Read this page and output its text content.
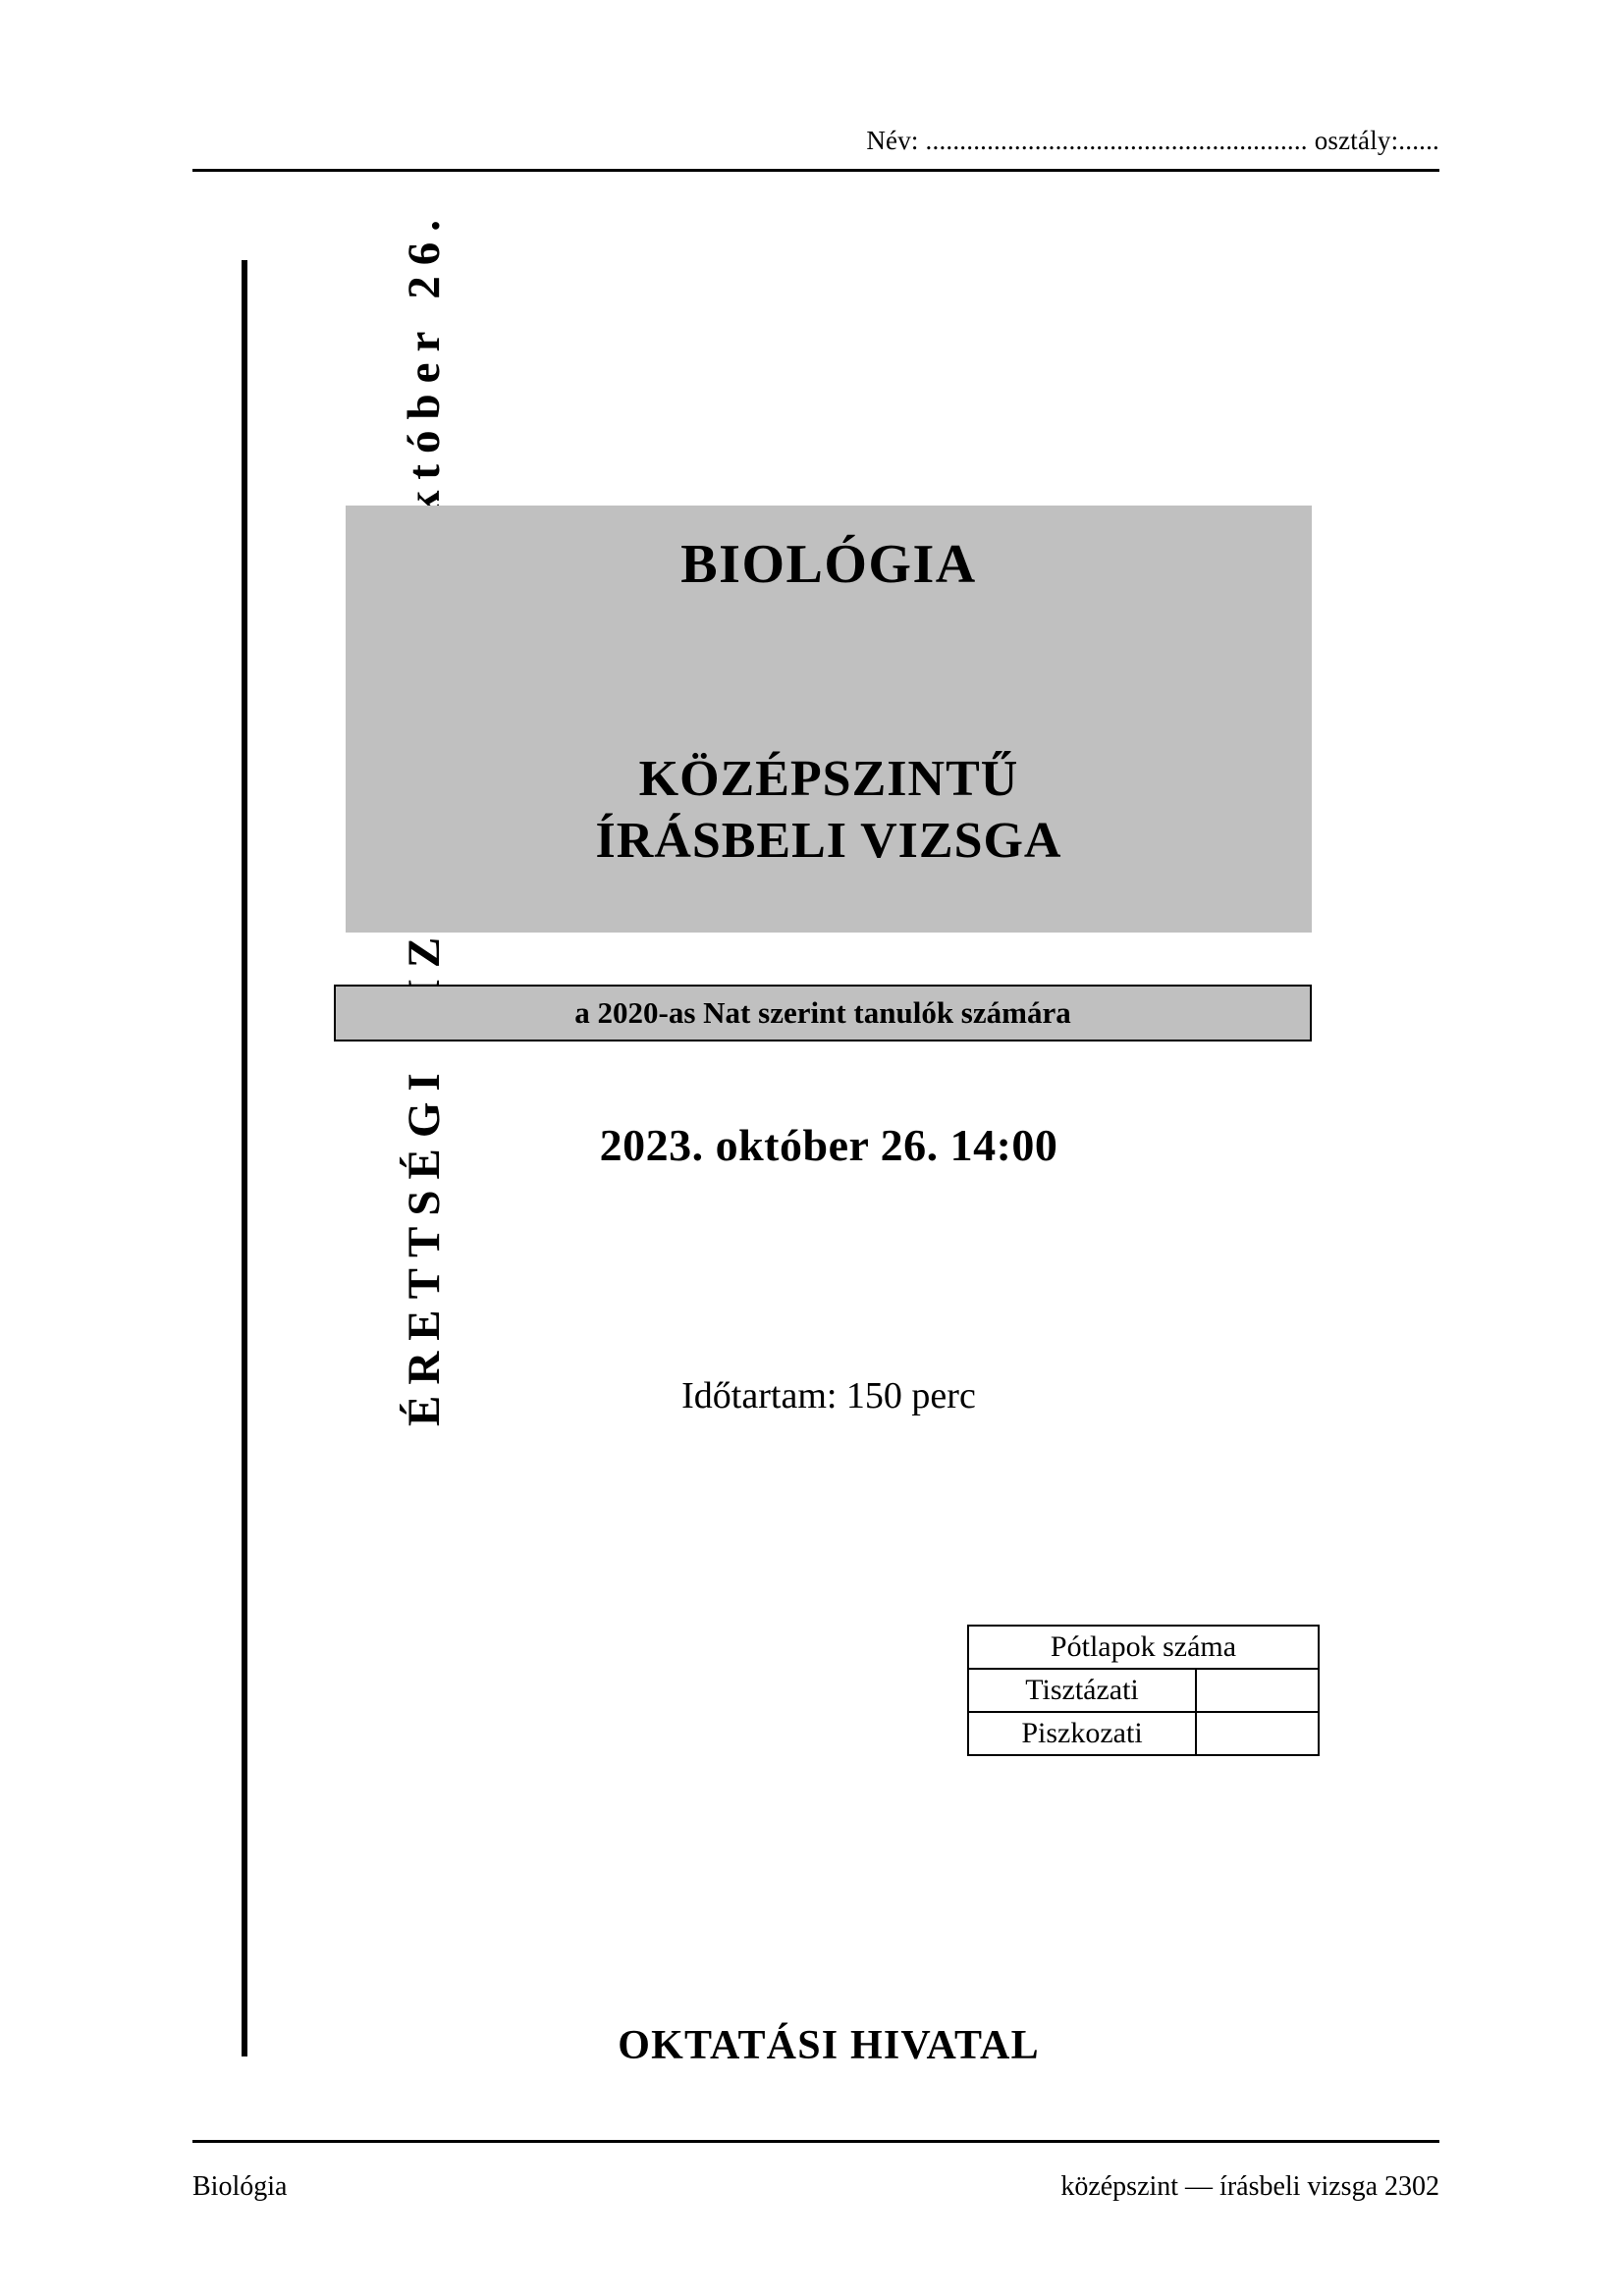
Név: ........................................................ osztály:......
BIOLÓGIA
KÖZÉPSZINTŰ
ÍRÁSBELI VIZSGA
a 2020-as Nat szerint tanulók számára
2023. október 26. 14:00
Időtartam: 150 perc
Pótlapok száma	
Tisztázati	
Piszkozati	
OKTATÁSI HIVATAL
Biológia	középszint — írásbeli vizsga 2302
